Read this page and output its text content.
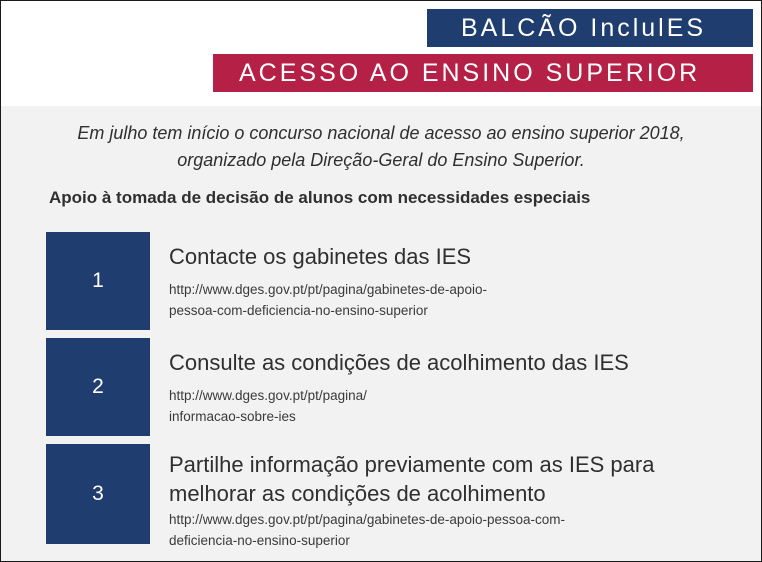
BALCÃO InclulES
ACESSO AO ENSINO SUPERIOR
Em julho tem início o concurso nacional de acesso ao ensino superior 2018,
organizado pela Direção-Geral do Ensino Superior.
Apoio à tomada de decisão de alunos com necessidades especiais
1
Contacte os gabinetes das IES
http://www.dges.gov.pt/pt/pagina/gabinetes-de-apoio-
pessoa-com-deficiencia-no-ensino-superior
2
Consulte as condições de acolhimento das IES
http://www.dges.gov.pt/pt/pagina/
informacao-sobre-ies
3
Partilhe informação previamente com as IES para
melhorar as condições de acolhimento
http://www.dges.gov.pt/pt/pagina/gabinetes-de-apoio-pessoa-com-
deficiencia-no-ensino-superior
